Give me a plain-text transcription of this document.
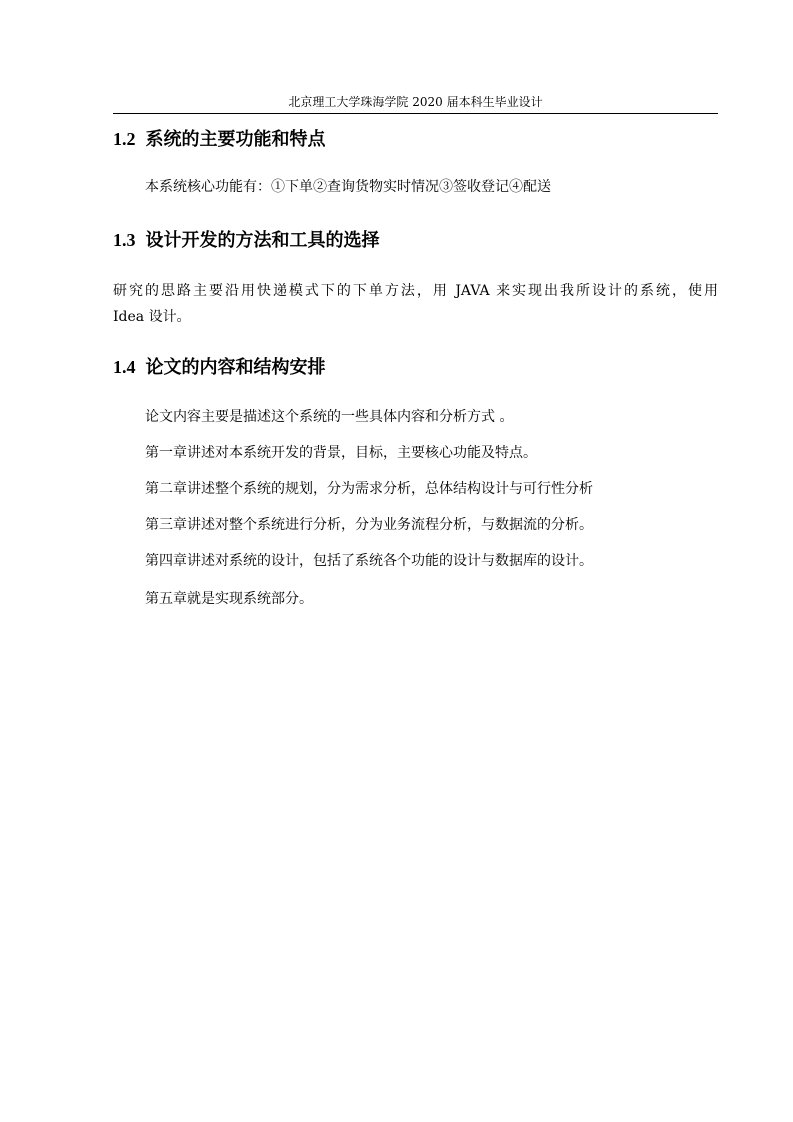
北京理工大学珠海学院 2020 届本科生毕业设计
1.2 系统的主要功能和特点
本系统核心功能有：①下单②查询货物实时情况③签收登记④配送
1.3 设计开发的方法和工具的选择
研究的思路主要沿用快递模式下的下单方法，用 JAVA 来实现出我所设计的系统，使用
Idea 设计。
1.4 论文的内容和结构安排
论文内容主要是描述这个系统的一些具体内容和分析方式 。
第一章讲述对本系统开发的背景，目标，主要核心功能及特点。
第二章讲述整个系统的规划，分为需求分析，总体结构设计与可行性分析
第三章讲述对整个系统进行分析，分为业务流程分析，与数据流的分析。
第四章讲述对系统的设计，包括了系统各个功能的设计与数据库的设计。
第五章就是实现系统部分。
